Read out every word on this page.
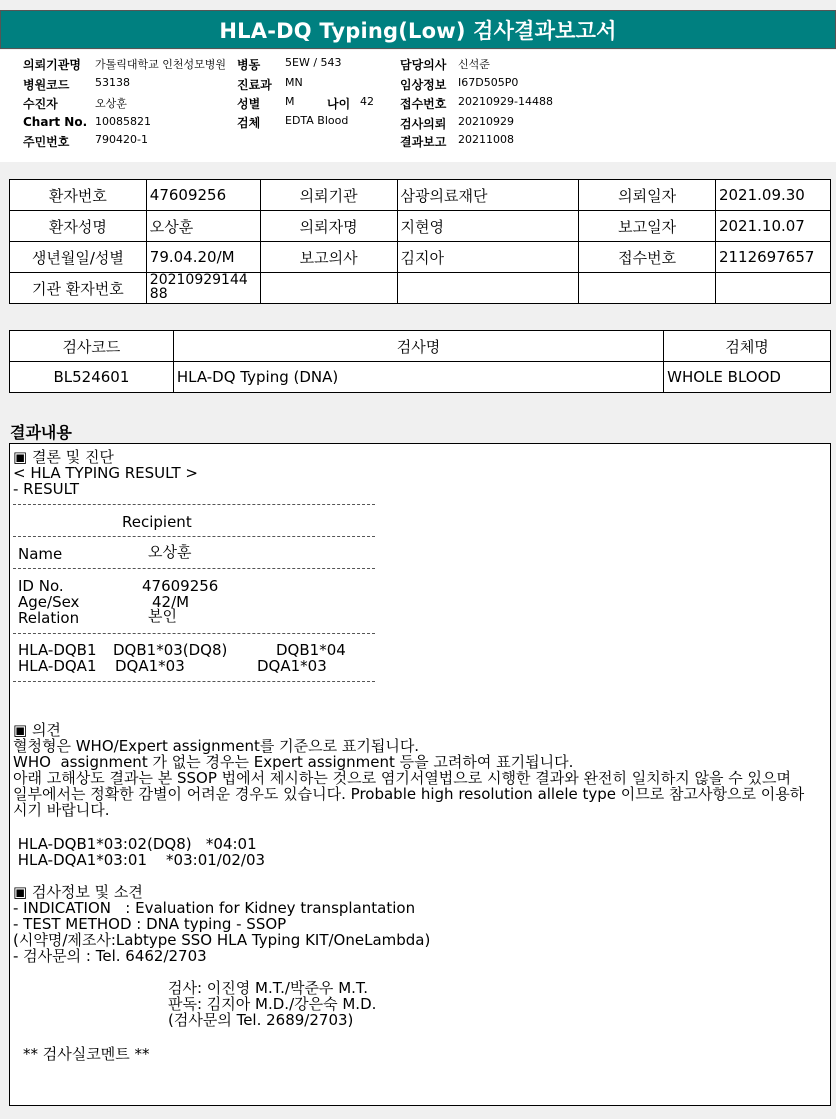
HLA-DQ Typing(Low) 검사결과보고서
의뢰기관명 가톨릭대학교 인천성모병원 병동 5EW / 543	담당의사 신석준
병원코드 53138	진료과 MN	임상정보 I67D505P0
수진자	오상훈	성별 M	나이 42 접수번호 20210929-14488
Chart No. 10085821	검체 EDTA Blood	검사의뢰 20210929
주민번호 790420-1	결과보고 20211008
환자번호	47609256	의뢰기관	삼광의료재단	의뢰일자	2021.09.30
환자성명	오상훈	의뢰자명	지현영	보고일자	2021.10.07
생년월일/성별	79.04.20/M	보고의사	김지아	접수번호	2112697657
기관 환자번호	20210929144
88				

검사코드	검사명	검체명
BL524601	HLA-DQ Typing (DNA)	WHOLE BLOOD
결과내용
▣ 결론 및 진단
< HLA TYPING RESULT >
- RESULT
Recipient
Name	오상훈
ID No.	47609256
Age/Sex	42/M
Relation	본인
HLA-DQB1 DQB1*03(DQ8)	DQB1*04
HLA-DQA1 DQA1*03	DQA1*03
▣ 의견
혈청형은 WHO/Expert assignment를 기준으로 표기됩니다.
WHO  assignment 가 없는 경우는 Expert assignment 등을 고려하여 표기됩니다.
아래 고해상도 결과는 본 SSOP 법에서 제시하는 것으로 염기서열법으로 시행한 결과와 완전히 일치하지 않을 수 있으며
일부에서는 정확한 감별이 어려운 경우도 있습니다. Probable high resolution allele type 이므로 참고사항으로 이용하
시기 바랍니다.
HLA-DQB1*03:02(DQ8)   *04:01
HLA-DQA1*03:01    *03:01/02/03
▣ 검사정보 및 소견
- INDICATION   : Evaluation for Kidney transplantation
- TEST METHOD : DNA typing - SSOP
(시약명/제조사:Labtype SSO HLA Typing KIT/OneLambda)
- 검사문의 : Tel. 6462/2703
검사: 이진영 M.T./박준우 M.T.
판독: 김지아 M.D./강은숙 M.D.
(검사문의 Tel. 2689/2703)
** 검사실코멘트 **
